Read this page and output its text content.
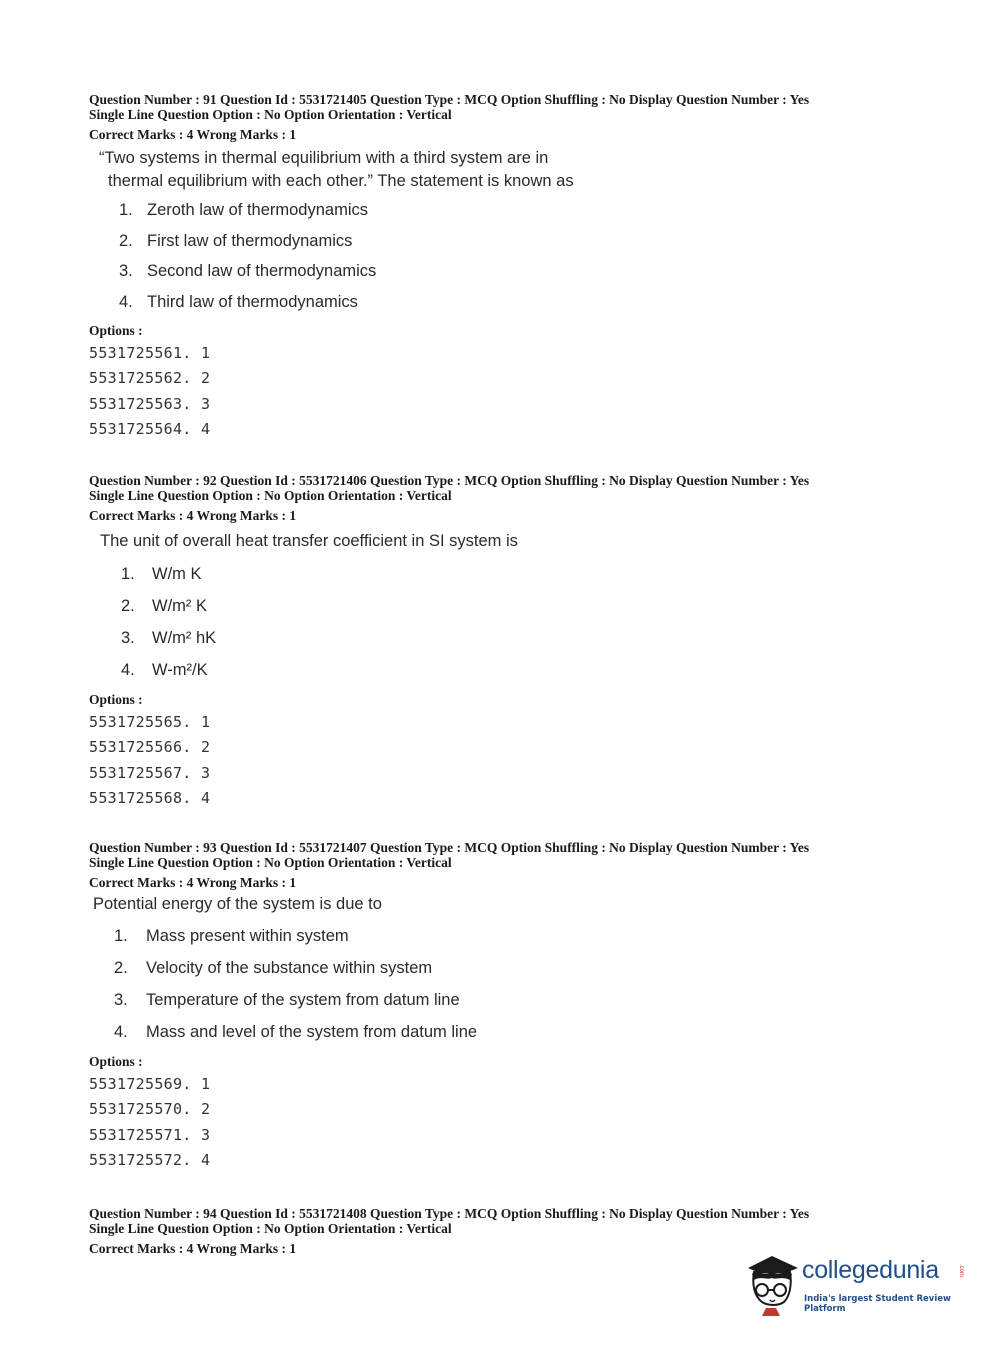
Question Number : 91 Question Id : 5531721405 Question Type : MCQ Option Shuffling : No Display Question Number : Yes
Single Line Question Option : No Option Orientation : Vertical
Correct Marks : 4 Wrong Marks : 1
“Two systems in thermal equilibrium with a third system are in
thermal equilibrium with each other.” The statement is known as
1. Zeroth law of thermodynamics
2. First law of thermodynamics
3. Second law of thermodynamics
4. Third law of thermodynamics
Options :
5531725561. 1
5531725562. 2
5531725563. 3
5531725564. 4
Question Number : 92 Question Id : 5531721406 Question Type : MCQ Option Shuffling : No Display Question Number : Yes
Single Line Question Option : No Option Orientation : Vertical
Correct Marks : 4 Wrong Marks : 1
The unit of overall heat transfer coefficient in SI system is
1. W/m K
2. W/m² K
3. W/m² hK
4. W-m²/K
Options :
5531725565. 1
5531725566. 2
5531725567. 3
5531725568. 4
Question Number : 93 Question Id : 5531721407 Question Type : MCQ Option Shuffling : No Display Question Number : Yes
Single Line Question Option : No Option Orientation : Vertical
Correct Marks : 4 Wrong Marks : 1
Potential energy of the system is due to
1. Mass present within system
2. Velocity of the substance within system
3. Temperature of the system from datum line
4. Mass and level of the system from datum line
Options :
5531725569. 1
5531725570. 2
5531725571. 3
5531725572. 4
Question Number : 94 Question Id : 5531721408 Question Type : MCQ Option Shuffling : No Display Question Number : Yes
Single Line Question Option : No Option Orientation : Vertical
Correct Marks : 4 Wrong Marks : 1
collegedunia	.com
India's largest Student Review Platform
